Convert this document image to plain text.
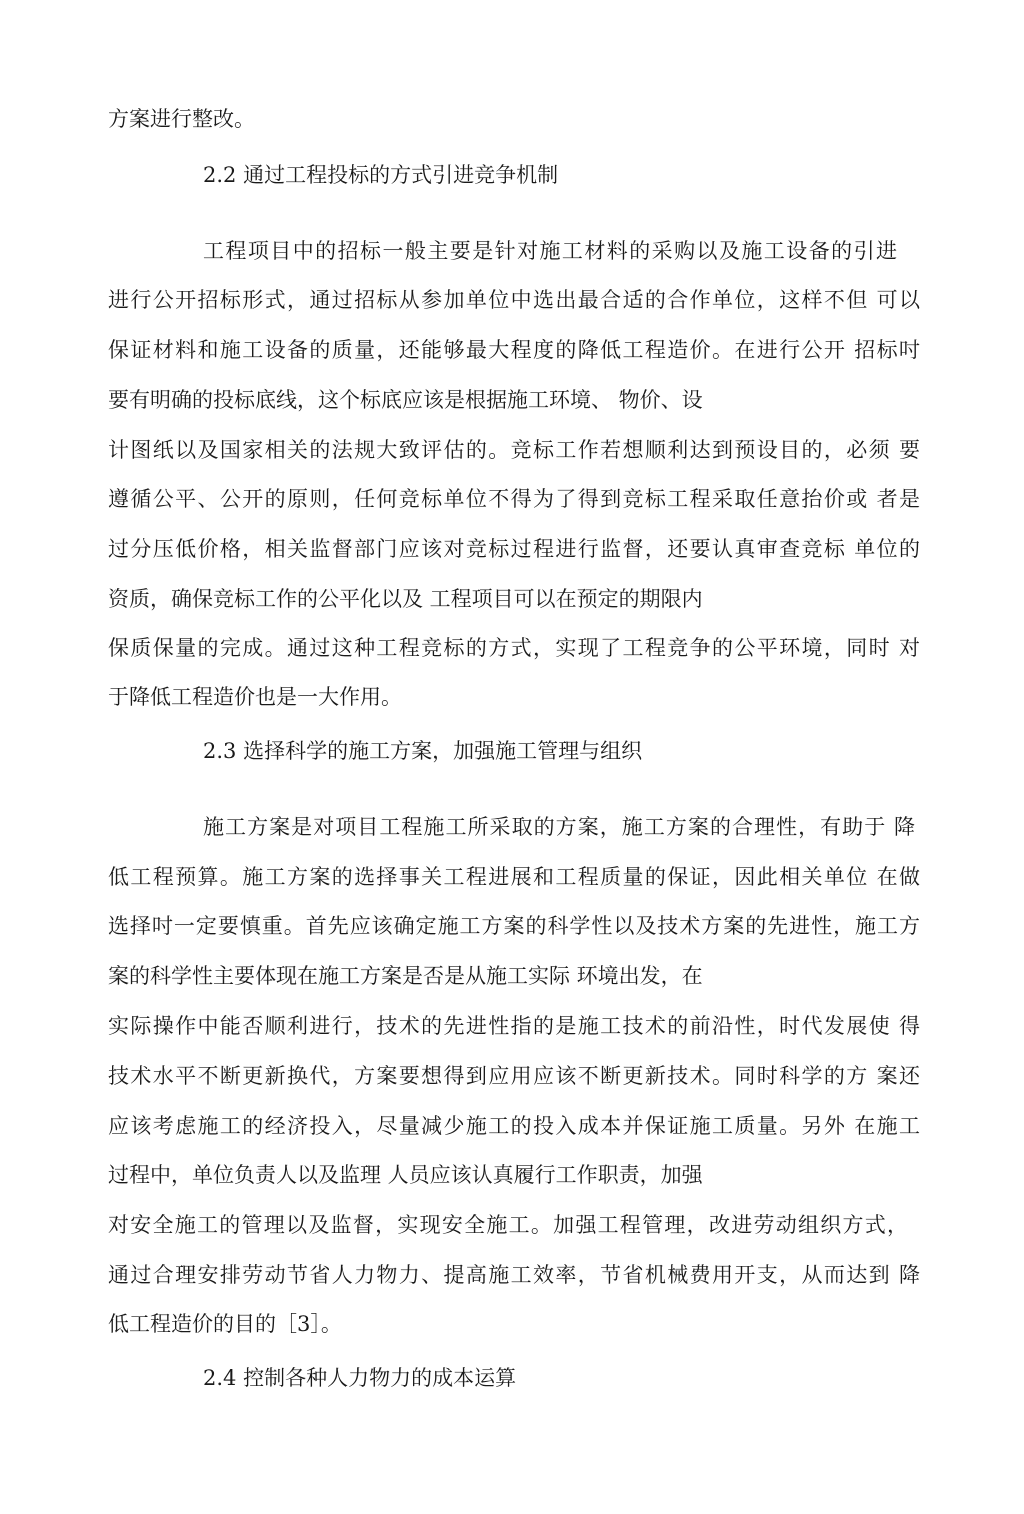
方案进行整改。
2.2 通过工程投标的方式引进竞争机制
工程项目中的招标一般主要是针对施工材料的采购以及施工设备的引进
进行公开招标形式，通过招标从参加单位中选出最合适的合作单位，这样不但 可以
保证材料和施工设备的质量，还能够最大程度的降低工程造价。在进行公开 招标吋
要有明确的投标底线，这个标底应该是根据施工环境、 物价、设
计图纸以及国家相关的法规大致评估的。竞标工作若想顺利达到预设目的，必须 要
遵循公平、公开的原则，任何竞标单位不得为了得到竞标工程采取任意抬价或 者是
过分压低价格，相关监督部门应该对竞标过程进行监督，还要认真审查竞标 单位的
资质，确保竞标工作的公平化以及 工程项目可以在预定的期限内
保质保量的完成。通过这种工程竞标的方式，实现了工程竞争的公平环境，同时 对
于降低工程造价也是一大作用。
2.3 选择科学的施工方案，加强施工管理与组织
施工方案是对项目工程施工所采取的方案，施工方案的合理性，有助于 降
低工程预算。施工方案的选择事关工程进展和工程质量的保证，因此相关单位 在做
选择吋一定要慎重。首先应该确定施工方案的科学性以及技术方案的先进性，施工方
案的科学性主要体现在施工方案是否是从施工实际 环境出发，在
实际操作中能否顺利进行，技术的先进性指的是施工技术的前沿性，时代发展使 得
技术水平不断更新换代，方案要想得到应用应该不断更新技术。同时科学的方 案还
应该考虑施工的经济投入，尽量减少施工的投入成本并保证施工质量。另外 在施工
过程中，单位负责人以及监理 人员应该认真履行工作职责，加强
对安全施工的管理以及监督，实现安全施工。加强工程管理，改进劳动组织方式，
通过合理安排劳动节省人力物力、提高施工效率，节省机械费用开支，从而达到 降
低工程造价的目的［3］。
2.4 控制各种人力物力的成本运算
